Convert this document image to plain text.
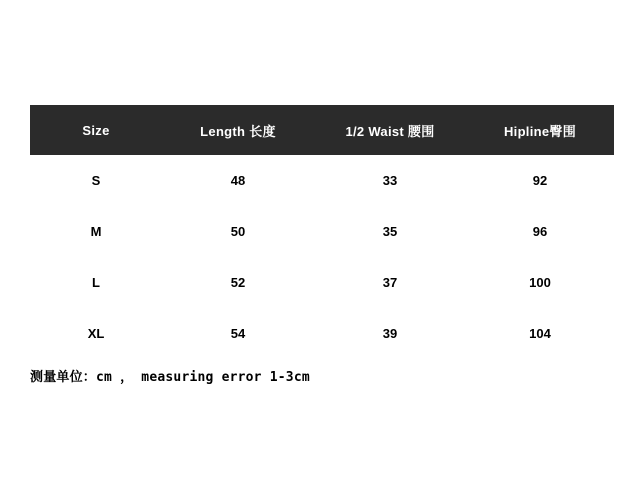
Size	Length 长度	1/2 Waist 腰围	Hipline臀围
S	48	33	92
M	50	35	96
L	52	37	100
XL	54	39	104
测量单位：cm ， measuring error 1-3cm
